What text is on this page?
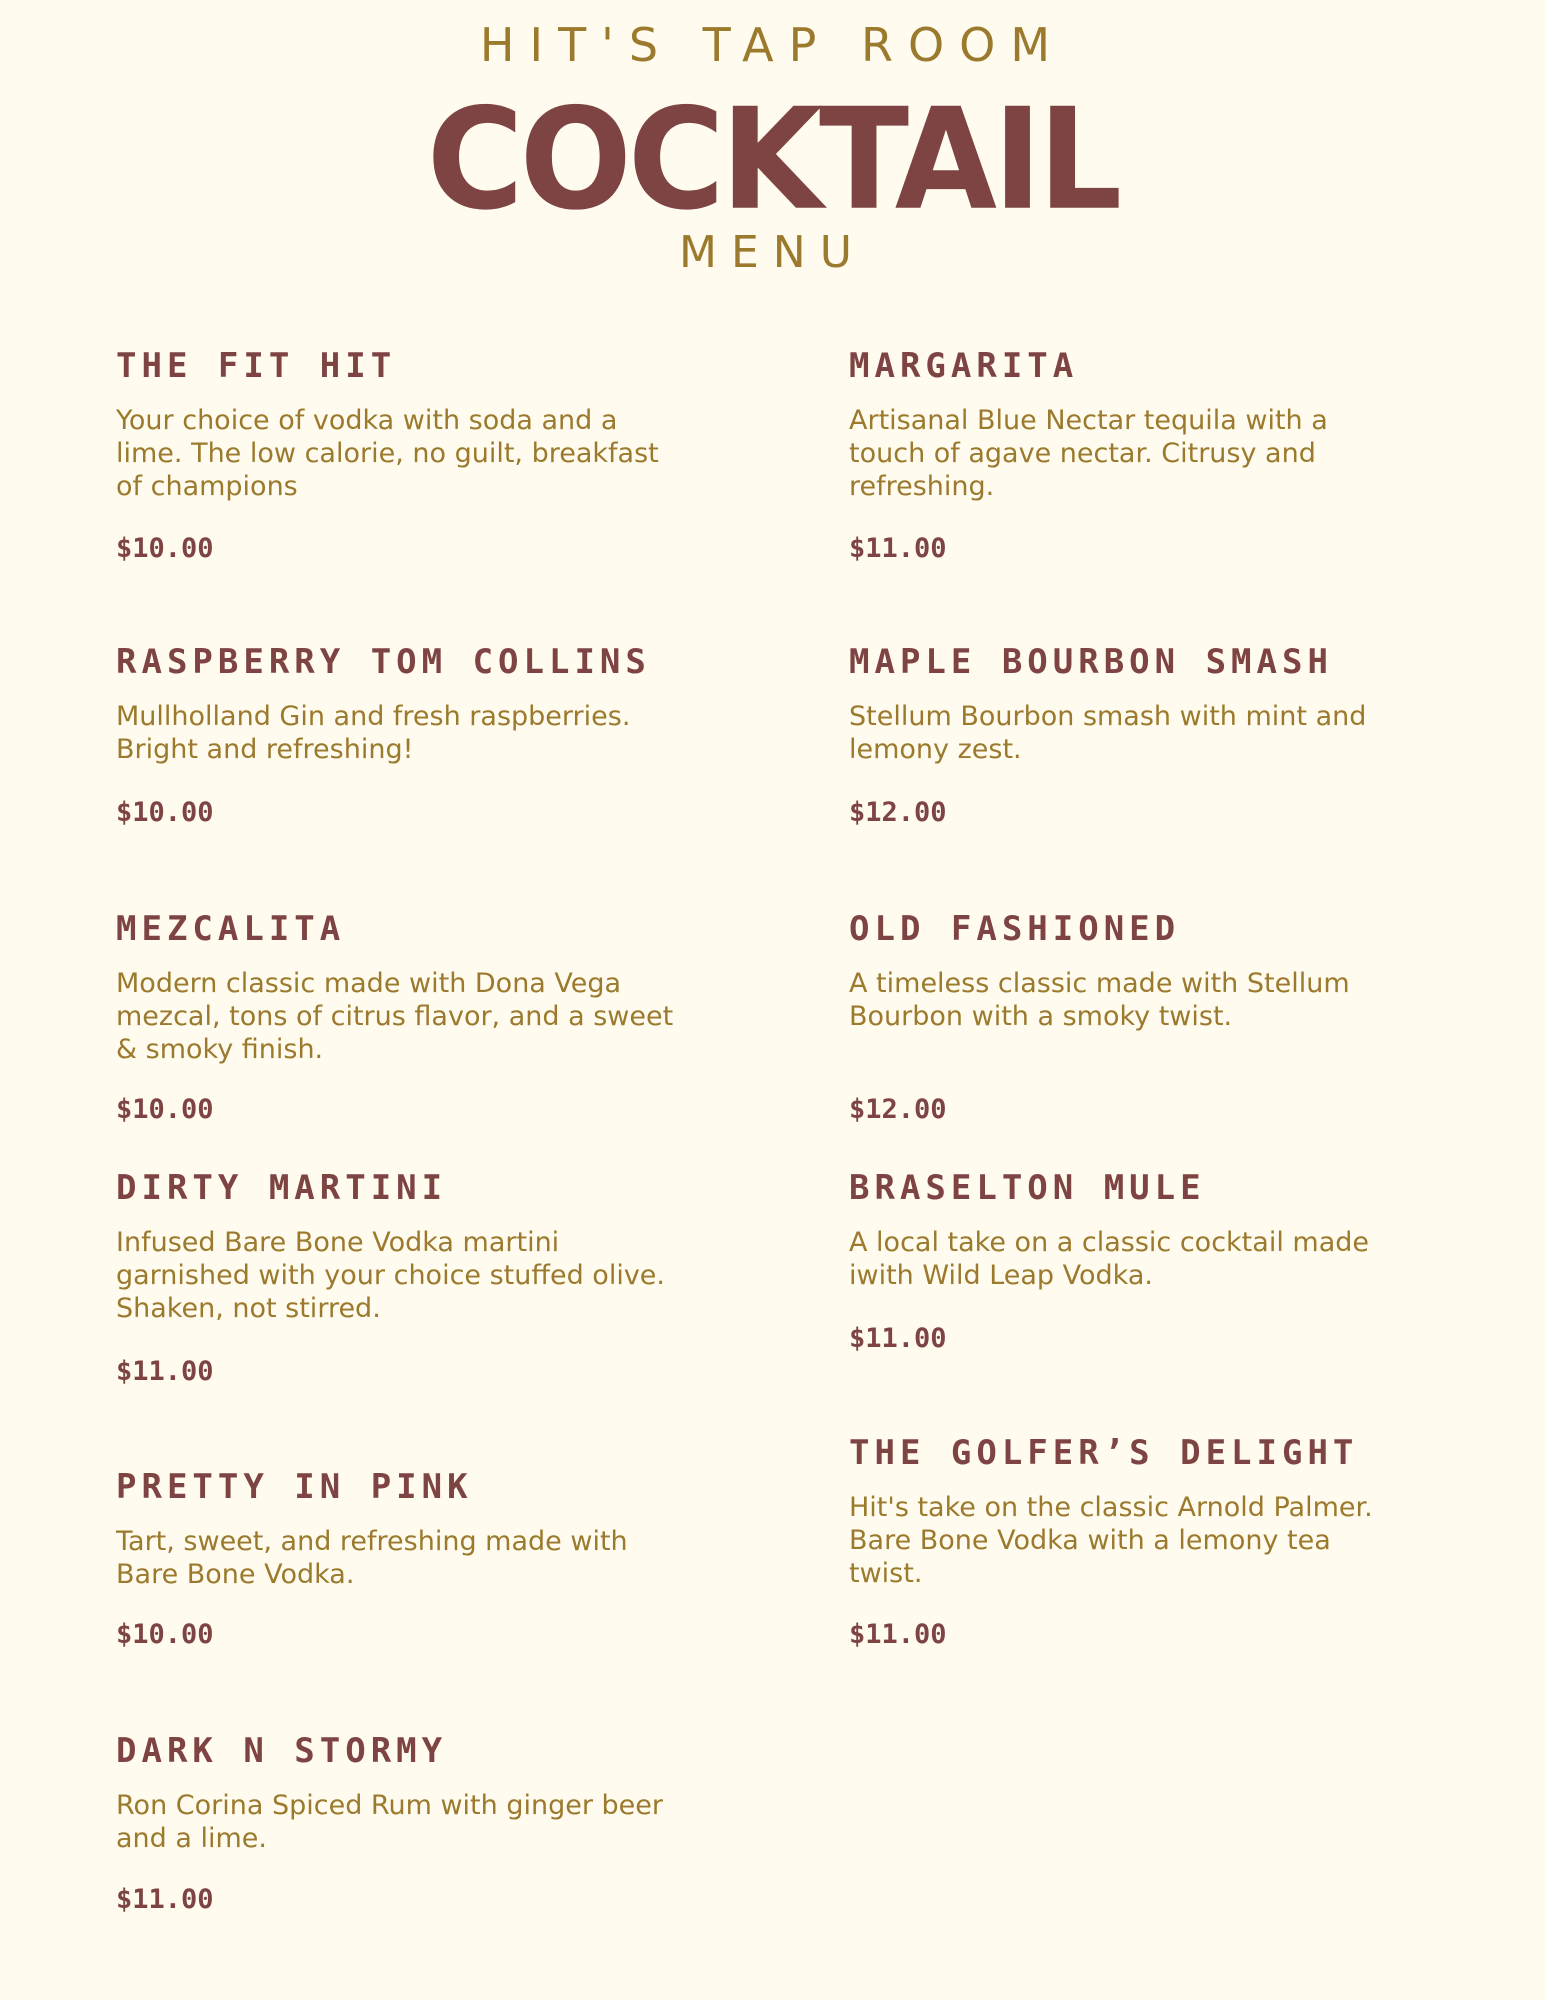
HIT'S TAP ROOM
COCKTAIL
MENU
THE FIT HIT
Your choice of vodka with soda and a lime. The low calorie, no guilt, breakfast of champions
$10.00
RASPBERRY TOM COLLINS
Mullholland Gin and fresh raspberries. Bright and refreshing!
$10.00
MEZCALITA
Modern classic made with Dona Vega mezcal, tons of citrus flavor, and a sweet & smoky finish.
$10.00
DIRTY MARTINI
Infused Bare Bone Vodka martini garnished with your choice stuffed olive. Shaken, not stirred.
$11.00
PRETTY IN PINK
Tart, sweet, and refreshing made with Bare Bone Vodka.
$10.00
DARK N STORMY
Ron Corina Spiced Rum with ginger beer and a lime.
$11.00
MARGARITA
Artisanal Blue Nectar tequila with a touch of agave nectar. Citrusy and refreshing.
$11.00
MAPLE BOURBON SMASH
Stellum Bourbon smash with mint and lemony zest.
$12.00
OLD FASHIONED
A timeless classic made with Stellum Bourbon with a smoky twist.
$12.00
BRASELTON MULE
A local take on a classic cocktail made iwith Wild Leap Vodka.
$11.00
THE GOLFER’S DELIGHT
Hit's take on the classic Arnold Palmer. Bare Bone Vodka with a lemony tea twist.
$11.00
